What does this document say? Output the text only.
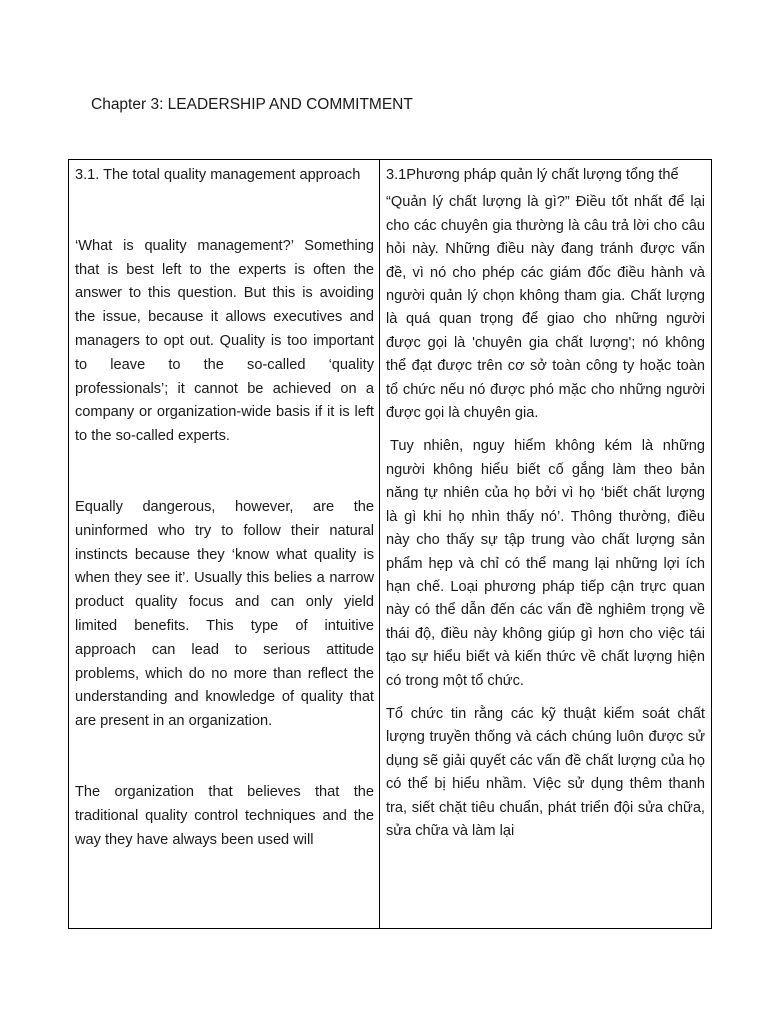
Chapter 3: LEADERSHIP AND COMMITMENT

3.1. The total quality management approach

‘What is quality management?’ Something that is best left to the experts is often the answer to this question. But this is avoiding the issue, because it allows executives and managers to opt out. Quality is too important to leave to the so-called ‘quality professionals’; it cannot be achieved on a company or organization-wide basis if it is left to the so-called experts.

Equally dangerous, however, are the uninformed who try to follow their natural instincts because they ‘know what quality is when they see it’. Usually this belies a narrow product quality focus and can only yield limited benefits. This type of intuitive approach can lead to serious attitude problems, which do no more than reflect the understanding and knowledge of quality that are present in an organization.

The organization that believes that the traditional quality control techniques and the way they have always been used will

3.1Phương pháp quản lý chất lượng tổng thể

“Quản lý chất lượng là gì?” Điều tốt nhất để lại cho các chuyên gia thường là câu trả lời cho câu hỏi này. Những điều này đang tránh được vấn đề, vì nó cho phép các giám đốc điều hành và người quản lý chọn không tham gia. Chất lượng là quá quan trọng để giao cho những người được gọi là 'chuyên gia chất lượng'; nó không thể đạt được trên cơ sở toàn công ty hoặc toàn tổ chức nếu nó được phó mặc cho những người được gọi là chuyên gia.

Tuy nhiên, nguy hiểm không kém là những người không hiểu biết cố gắng làm theo bản năng tự nhiên của họ bởi vì họ ‘biết chất lượng là gì khi họ nhìn thấy nó’. Thông thường, điều này cho thấy sự tập trung vào chất lượng sản phẩm hẹp và chỉ có thể mang lại những lợi ích hạn chế. Loại phương pháp tiếp cận trực quan này có thể dẫn đến các vấn đề nghiêm trọng về thái độ, điều này không giúp gì hơn cho việc tái tạo sự hiểu biết và kiến thức về chất lượng hiện có trong một tổ chức.

Tổ chức tin rằng các kỹ thuật kiểm soát chất lượng truyền thống và cách chúng luôn được sử dụng sẽ giải quyết các vấn đề chất lượng của họ có thể bị hiểu nhầm. Việc sử dụng thêm thanh tra, siết chặt tiêu chuẩn, phát triển đội sửa chữa, sửa chữa và làm lại
